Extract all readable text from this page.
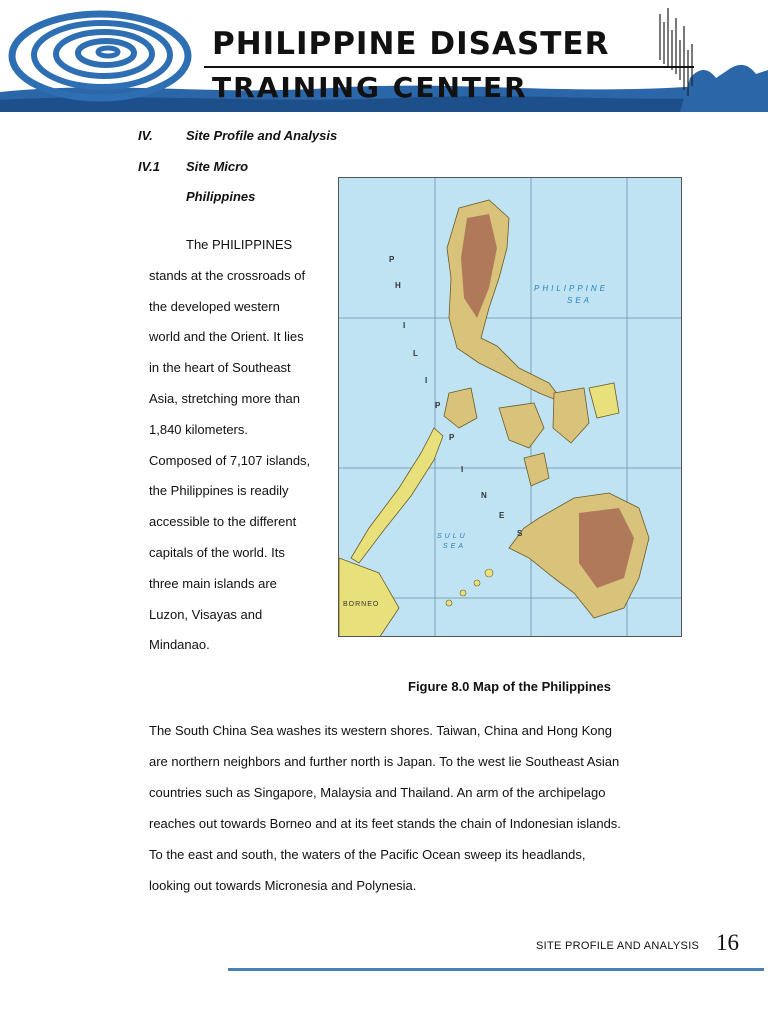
PHILIPPINE DISASTER
TRAINING CENTER
IV.	Site Profile and Analysis
IV.1 Site Micro
Philippines

The PHILIPPINES

stands at the crossroads of

the developed western

world and the Orient. It lies

in the heart of Southeast

Asia, stretching more than

1,840 kilometers.

Composed of 7,107 islands,

the Philippines is readily

accessible to the different

capitals of the world. Its

three main islands are

Luzon, Visayas and

Mindanao.

PHILIPPINE
SEA
SULU
SEA
BORNEO
P
H
I
L
I
P
P
I
N
E
S
Figure 8.0 Map of the Philippines

The South China Sea washes its western shores. Taiwan, China and Hong Kong

are northern neighbors and further north is Japan. To the west lie Southeast Asian

countries such as Singapore, Malaysia and Thailand. An arm of the archipelago

reaches out towards Borneo and at its feet stands the chain of Indonesian islands.

To the east and south, the waters of the Pacific Ocean sweep its headlands,

looking out towards Micronesia and Polynesia.

SITE PROFILE AND ANALYSIS 16
